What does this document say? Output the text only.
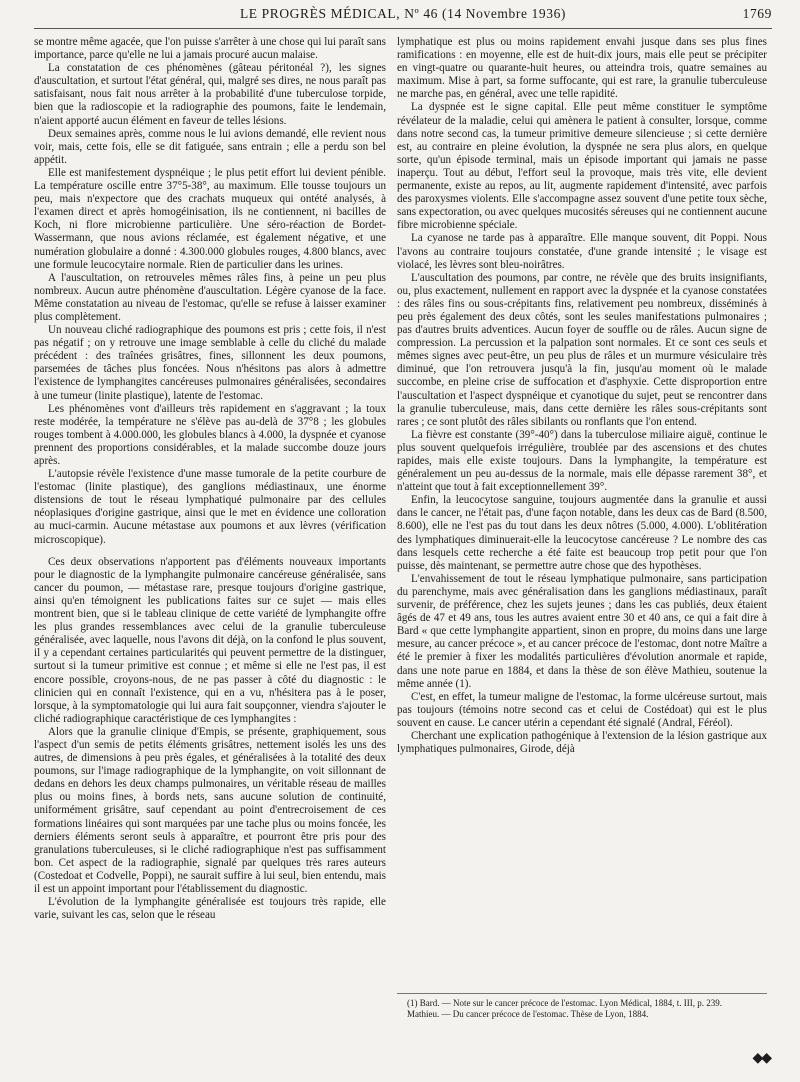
LE PROGRÈS MÉDICAL, Nº 46 (14 Novembre 1936)	1769

se montre même agacée, que l'on puisse s'arrêter à une chose qui lui paraît sans importance, parce qu'elle ne lui a jamais procuré aucun malaise.

La constatation de ces phénomènes (gâteau péritonéal ?), les signes d'auscultation, et surtout l'état général, qui, malgré ses dires, ne nous paraît pas satisfaisant, nous fait nous arrêter à la probabilité d'une tuberculose torpide, bien que la radioscopie et la radiographie des poumons, faite le lendemain, n'aient apporté aucun élément en faveur de telles lésions.

Deux semaines après, comme nous le lui avions demandé, elle revient nous voir, mais, cette fois, elle se dit fatiguée, sans entrain ; elle a perdu son bel appétit.

Elle est manifestement dyspnéique ; le plus petit effort lui devient pénible. La température oscille entre 37°5-38°, au maximum. Elle tousse toujours un peu, mais n'expectore que des crachats muqueux qui ontété analysés, à l'examen direct et après homogéinisation, ils ne contiennent, ni bacilles de Koch, ni flore microbienne particulière. Une séro-réaction de Bordet-Wassermann, que nous avions réclamée, est également négative, et une numération globulaire a donné : 4.300.000 globules rouges, 4.800 blancs, avec une formule leucocytaire normale. Rien de particulier dans les urines.

A l'auscultation, on retrouveles mêmes râles fins, à peine un peu plus nombreux. Aucun autre phénomène d'auscultation. Légère cyanose de la face. Même constatation au niveau de l'estomac, qu'elle se refuse à laisser examiner plus complètement.

Un nouveau cliché radiographique des poumons est pris ; cette fois, il n'est pas négatif ; on y retrouve une image semblable à celle du cliché du malade précédent : des traînées grisâtres, fines, sillonnent les deux poumons, parsemées de tâches plus foncées. Nous n'hésitons pas alors à admettre l'existence de lymphangites cancéreuses pulmonaires généralisées, secondaires à une tumeur (linite plastique), latente de l'estomac.

Les phénomènes vont d'ailleurs très rapidement en s'aggravant ; la toux reste modérée, la température ne s'élève pas au-delà de 37°8 ; les globules rouges tombent à 4.000.000, les globules blancs à 4.000, la dyspnée et cyanose prennent des proportions considérables, et la malade succombe douze jours après.

L'autopsie révèle l'existence d'une masse tumorale de la petite courbure de l'estomac (linite plastique), des ganglions médiastinaux, une énorme distensions de tout le réseau lymphatiqué pulmonaire par des cellules néoplasiques d'origine gastrique, ainsi que le met en évidence une colloration au muci-carmin. Aucune métastase aux poumons et aux lèvres (vérification microscopique).

Ces deux observations n'apportent pas d'éléments nouveaux importants pour le diagnostic de la lymphangite pulmonaire cancéreuse généralisée, sans cancer du poumon, — métastase rare, presque toujours d'origine gastrique, ainsi qu'en témoignent les publications faites sur ce sujet — mais elles montrent bien, que si le tableau clinique de cette variété de lymphangite offre les plus grandes ressemblances avec celui de la granulie tuberculeuse généralisée, avec laquelle, nous l'avons dit déjà, on la confond le plus souvent, il y a cependant certaines particularités qui peuvent permettre de la distinguer, surtout si la tumeur primitive est connue ; et même si elle ne l'est pas, il est encore possible, croyons-nous, de ne pas passer à côté du diagnostic : le clinicien qui en connaît l'existence, qui en a vu, n'hésitera pas à le poser, lorsque, à la symptomatologie qui lui aura fait soupçonner, viendra s'ajouter le cliché radiographique caractéristique de ces lymphangites :

Alors que la granulie clinique d'Empis, se présente, graphiquement, sous l'aspect d'un semis de petits éléments grisâtres, nettement isolés les uns des autres, de dimensions à peu près égales, et généralisées à la totalité des deux poumons, sur l'image radiographique de la lymphangite, on voit sillonnant de dedans en dehors les deux champs pulmonaires, un véritable réseau de mailles plus ou moins fines, à bords nets, sans aucune solution de continuité, uniformément grisâtre, sauf cependant au point d'entrecroisement de ces formations linéaires qui sont marquées par une tache plus ou moins foncée, les derniers éléments seront seuls à apparaître, et pourront être pris pour des granulations tuberculeuses, si le cliché radiographique n'est pas suffisamment bon. Cet aspect de la radiographie, signalé par quelques très rares auteurs (Costedoat et Codvelle, Poppi), ne saurait suffire à lui seul, bien entendu, mais il est un appoint important pour l'établissement du diagnostic.

L'évolution de la lymphangite généralisée est toujours très rapide, elle varie, suivant les cas, selon que le réseau

lymphatique est plus ou moins rapidement envahi jusque dans ses plus fines ramifications : en moyenne, elle est de huit-dix jours, mais elle peut se précipiter en vingt-quatre ou quarante-huit heures, ou atteindra trois, quatre semaines au maximum. Mise à part, sa forme suffocante, qui est rare, la granulie tuberculeuse ne marche pas, en général, avec une telle rapidité.

La dyspnée est le signe capital. Elle peut même constituer le symptôme révélateur de la maladie, celui qui amènera le patient à consulter, lorsque, comme dans notre second cas, la tumeur primitive demeure silencieuse ; si cette dernière est, au contraire en pleine évolution, la dyspnée ne sera plus alors, en quelque sorte, qu'un épisode terminal, mais un épisode important qui jamais ne passe inaperçu. Tout au début, l'effort seul la provoque, mais très vite, elle devient permanente, existe au repos, au lit, augmente rapidement d'intensité, avec parfois des paroxysmes violents. Elle s'accompagne assez souvent d'une petite toux sèche, sans expectoration, ou avec quelques mucosités séreuses qui ne contiennent aucune fibre microbienne spéciale.

La cyanose ne tarde pas à apparaître. Elle manque souvent, dit Poppi. Nous l'avons au contraire toujours constatée, d'une grande intensité ; le visage est violacé, les lèvres sont bleu-noirâtres.

L'auscultation des poumons, par contre, ne révèle que des bruits insignifiants, ou, plus exactement, nullement en rapport avec la dyspnée et la cyanose constatées : des râles fins ou sous-crépitants fins, relativement peu nombreux, disséminés à peu près également des deux côtés, sont les seules manifestations pulmonaires ; pas d'autres bruits adventices. Aucun foyer de souffle ou de râles. Aucun signe de compression. La percussion et la palpation sont normales. Et ce sont ces seuls et mêmes signes avec peut-être, un peu plus de râles et un murmure vésiculaire très diminué, que l'on retrouvera jusqu'à la fin, jusqu'au moment où le malade succombe, en pleine crise de suffocation et d'asphyxie. Cette disproportion entre l'auscultation et l'aspect dyspnéique et cyanotique du sujet, peut se rencontrer dans la granulie tuberculeuse, mais, dans cette dernière les râles sous-crépitants sont rares ; ce sont plutôt des râles sibilants ou ronflants que l'on entend.

La fièvre est constante (39°-40°) dans la tuberculose miliaire aiguë, continue le plus souvent quelquefois irrégulière, troublée par des ascensions et des chutes rapides, mais elle existe toujours. Dans la lymphangite, la température est généralement un peu au-dessus de la normale, mais elle dépasse rarement 38°, et n'atteint que tout à fait exceptionnellement 39°.

Enfin, la leucocytose sanguine, toujours augmentée dans la granulie et aussi dans le cancer, ne l'était pas, d'une façon notable, dans les deux cas de Bard (8.500, 8.600), elle ne l'est pas du tout dans les deux nôtres (5.000, 4.000). L'oblitération des lymphatiques diminuerait-elle la leucocytose cancéreuse ? Le nombre des cas dans lesquels cette recherche a été faite est beaucoup trop petit pour que l'on puisse, dès maintenant, se permettre autre chose que des hypothèses.

L'envahissement de tout le réseau lymphatique pulmonaire, sans participation du parenchyme, mais avec généralisation dans les ganglions médiastinaux, paraît survenir, de préférence, chez les sujets jeunes ; dans les cas publiés, deux étaient âgés de 47 et 49 ans, tous les autres avaient entre 30 et 40 ans, ce qui a fait dire à Bard « que cette lymphangite appartient, sinon en propre, du moins dans une large mesure, au cancer précoce », et au cancer précoce de l'estomac, dont notre Maître a été le premier à fixer les modalités particulières d'évolution anormale et rapide, dans une note parue en 1884, et dans la thèse de son élève Mathieu, soutenue la même année (1).

C'est, en effet, la tumeur maligne de l'estomac, la forme ulcéreuse surtout, mais pas toujours (témoins notre second cas et celui de Costédoat) qui est le plus souvent en cause. Le cancer utérin a cependant été signalé (Andral, Féréol).

Cherchant une explication pathogénique à l'extension de la lésion gastrique aux lymphatiques pulmonaires, Girode, déjà

(1) Bard. — Note sur le cancer précoce de l'estomac. Lyon Médical, 1884, t. III, p. 239.

Mathieu. — Du cancer précoce de l'estomac. Thèse de Lyon, 1884.

◆◆
